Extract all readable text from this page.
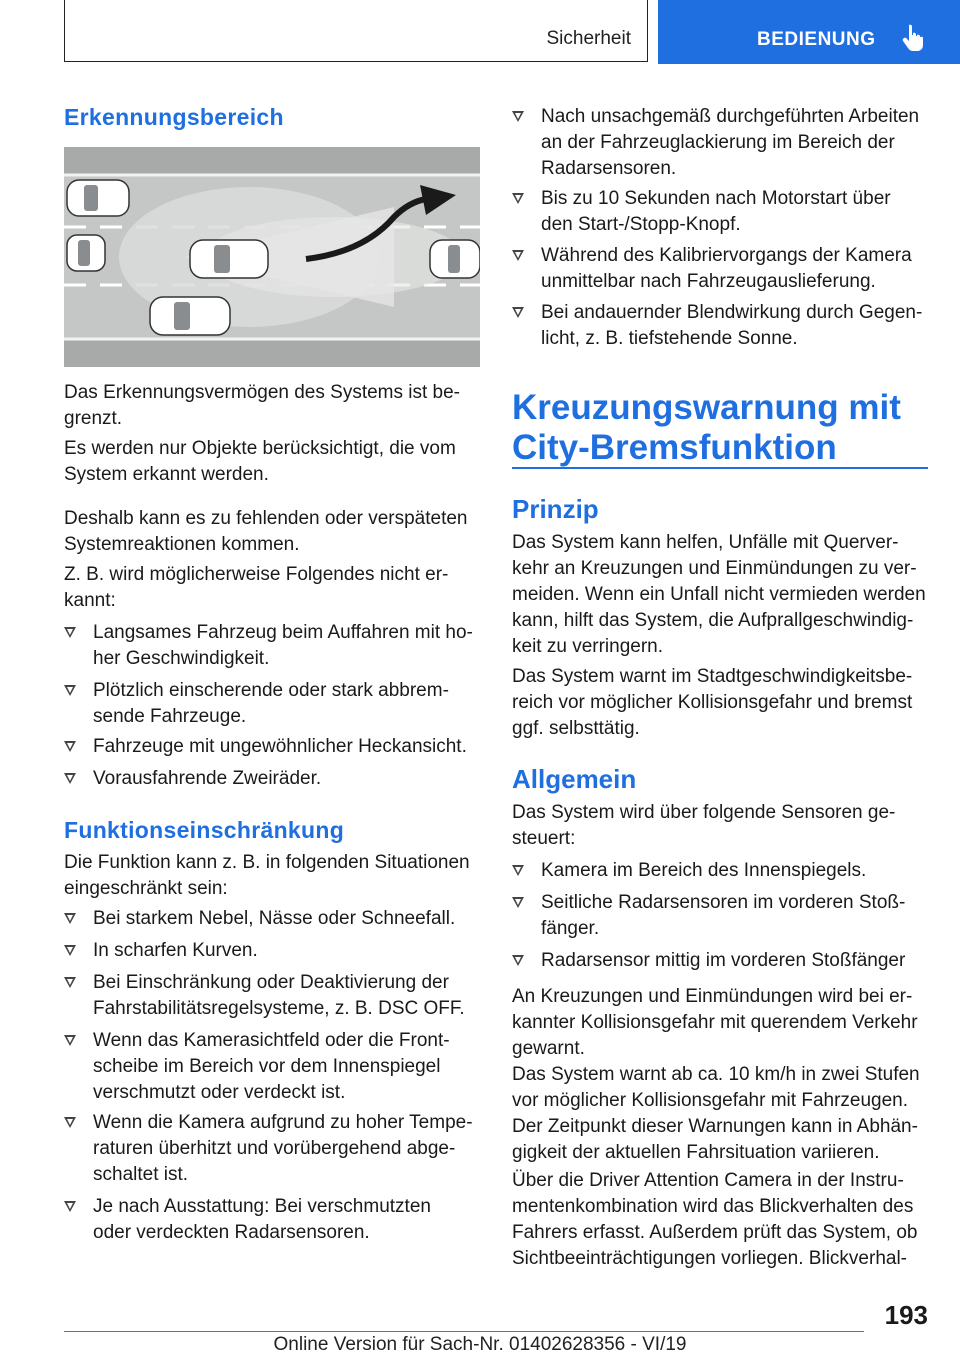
Sicherheit	BEDIENUNG
Erkennungsbereich

Das Erkennungsvermögen des Systems ist be-
grenzt.

Es werden nur Objekte berücksichtigt, die vom
System erkannt werden.

Deshalb kann es zu fehlenden oder verspäteten
Systemreaktionen kommen.

Z. B. wird möglicherweise Folgendes nicht er-
kannt:

Langsames Fahrzeug beim Auffahren mit ho-
her Geschwindigkeit.
Plötzlich einscherende oder stark abbrem-
sende Fahrzeuge.
Fahrzeuge mit ungewöhnlicher Heckansicht.
Vorausfahrende Zweiräder.
Funktionseinschränkung

Die Funktion kann z. B. in folgenden Situationen
eingeschränkt sein:

Bei starkem Nebel, Nässe oder Schneefall.
In scharfen Kurven.
Bei Einschränkung oder Deaktivierung der
Fahrstabilitätsregelsysteme, z. B. DSC OFF.
Wenn das Kamerasichtfeld oder die Front-
scheibe im Bereich vor dem Innenspiegel
verschmutzt oder verdeckt ist.
Wenn die Kamera aufgrund zu hoher Tempe-
raturen überhitzt und vorübergehend abge-
schaltet ist.
Je nach Ausstattung: Bei verschmutzten
oder verdeckten Radarsensoren.
Nach unsachgemäß durchgeführten Arbeiten
an der Fahrzeuglackierung im Bereich der
Radarsensoren.
Bis zu 10 Sekunden nach Motorstart über
den Start-/Stopp-Knopf.
Während des Kalibriervorgangs der Kamera
unmittelbar nach Fahrzeugauslieferung.
Bei andauernder Blendwirkung durch Gegen-
licht, z. B. tiefstehende Sonne.
Kreuzungswarnung mit
City-Bremsfunktion
Prinzip

Das System kann helfen, Unfälle mit Querver-
kehr an Kreuzungen und Einmündungen zu ver-
meiden. Wenn ein Unfall nicht vermieden werden
kann, hilft das System, die Aufprallgeschwindig-
keit zu verringern.

Das System warnt im Stadtgeschwindigkeitsbe-
reich vor möglicher Kollisionsgefahr und bremst
ggf. selbsttätig.

Allgemein

Das System wird über folgende Sensoren ge-
steuert:

Kamera im Bereich des Innenspiegels.
Seitliche Radarsensoren im vorderen Stoß-
fänger.
Radarsensor mittig im vorderen Stoßfänger

An Kreuzungen und Einmündungen wird bei er-
kannter Kollisionsgefahr mit querendem Verkehr
gewarnt.

Das System warnt ab ca. 10 km/h in zwei Stufen
vor möglicher Kollisionsgefahr mit Fahrzeugen.
Der Zeitpunkt dieser Warnungen kann in Abhän-
gigkeit der aktuellen Fahrsituation variieren.

Über die Driver Attention Camera in der Instru-
mentenkombination wird das Blickverhalten des
Fahrers erfasst. Außerdem prüft das System, ob
Sichtbeeinträchtigungen vorliegen. Blickverhal-

193
Online Version für Sach-Nr. 01402628356 - VI/19
